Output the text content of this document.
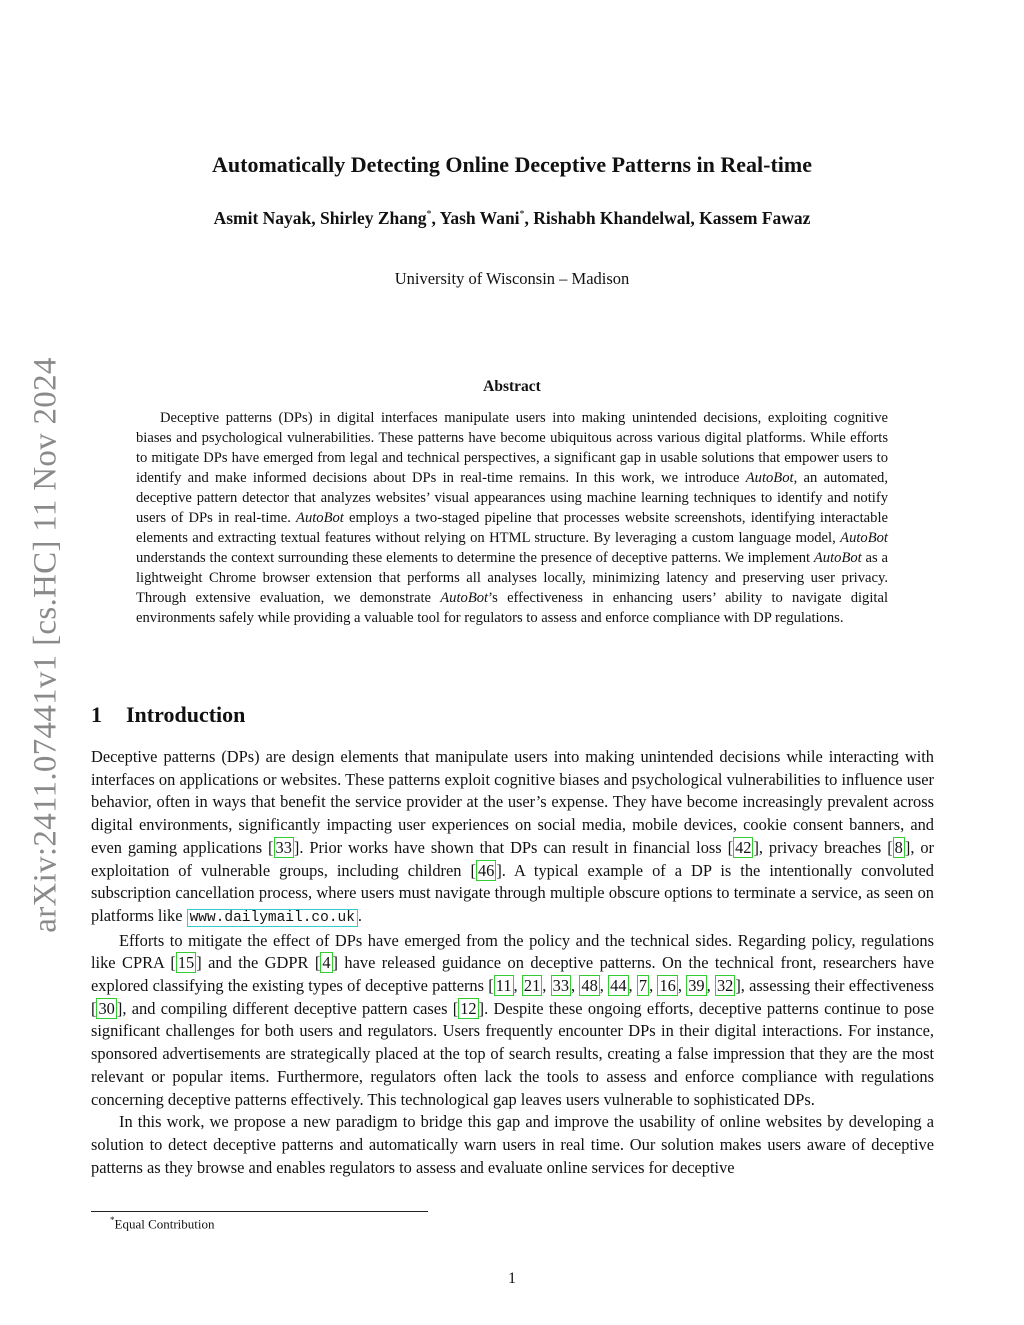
arXiv:2411.07441v1 [cs.HC] 11 Nov 2024
Automatically Detecting Online Deceptive Patterns in Real-time
Asmit Nayak, Shirley Zhang*, Yash Wani*, Rishabh Khandelwal, Kassem Fawaz
University of Wisconsin – Madison
Abstract

Deceptive patterns (DPs) in digital interfaces manipulate users into making unintended decisions, exploiting cognitive biases and psychological vulnerabilities. These patterns have become ubiquitous across various digital platforms. While efforts to mitigate DPs have emerged from legal and technical perspectives, a significant gap in usable solutions that empower users to identify and make informed decisions about DPs in real-time remains. In this work, we introduce AutoBot, an automated, deceptive pattern detector that analyzes websites’ visual appearances using machine learning techniques to identify and notify users of DPs in real-time. AutoBot employs a two-staged pipeline that processes website screenshots, identifying interactable elements and extracting textual features without relying on HTML structure. By leveraging a custom language model, AutoBot understands the context surrounding these elements to determine the presence of deceptive patterns. We implement AutoBot as a lightweight Chrome browser extension that performs all analyses locally, minimizing latency and preserving user privacy. Through extensive evaluation, we demonstrate AutoBot’s effectiveness in enhancing users’ ability to navigate digital environments safely while providing a valuable tool for regulators to assess and enforce compliance with DP regulations.

1 Introduction

Deceptive patterns (DPs) are design elements that manipulate users into making unintended decisions while interacting with interfaces on applications or websites. These patterns exploit cognitive biases and psychological vulnerabilities to influence user behavior, often in ways that benefit the service provider at the user’s expense. They have become increasingly prevalent across digital environments, significantly impacting user experiences on social media, mobile devices, cookie consent banners, and even gaming applications [ 33 ]. Prior works have shown that DPs can result in financial loss [ 42 ], privacy breaches [ 8 ], or exploitation of vulnerable groups, including children [ 46 ]. A typical example of a DP is the intentionally convoluted subscription cancellation process, where users must navigate through multiple obscure options to terminate a service, as seen on platforms like www.dailymail.co.uk .

Efforts to mitigate the effect of DPs have emerged from the policy and the technical sides. Regarding policy, regulations like CPRA [ 15 ] and the GDPR [ 4 ] have released guidance on deceptive patterns. On the technical front, researchers have explored classifying the existing types of deceptive patterns [ 11 , 21 , 33 , 48 , 44 , 7 , 16 , 39 , 32 ], assessing their effectiveness [ 30 ], and compiling different deceptive pattern cases [ 12 ]. Despite these ongoing efforts, deceptive patterns continue to pose significant challenges for both users and regulators. Users frequently encounter DPs in their digital interactions. For instance, sponsored advertisements are strategically placed at the top of search results, creating a false impression that they are the most relevant or popular items. Furthermore, regulators often lack the tools to assess and enforce compliance with regulations concerning deceptive patterns effectively. This technological gap leaves users vulnerable to sophisticated DPs.

In this work, we propose a new paradigm to bridge this gap and improve the usability of online websites by developing a solution to detect deceptive patterns and automatically warn users in real time. Our solution makes users aware of deceptive patterns as they browse and enables regulators to assess and evaluate online services for deceptive

*Equal Contribution
1
